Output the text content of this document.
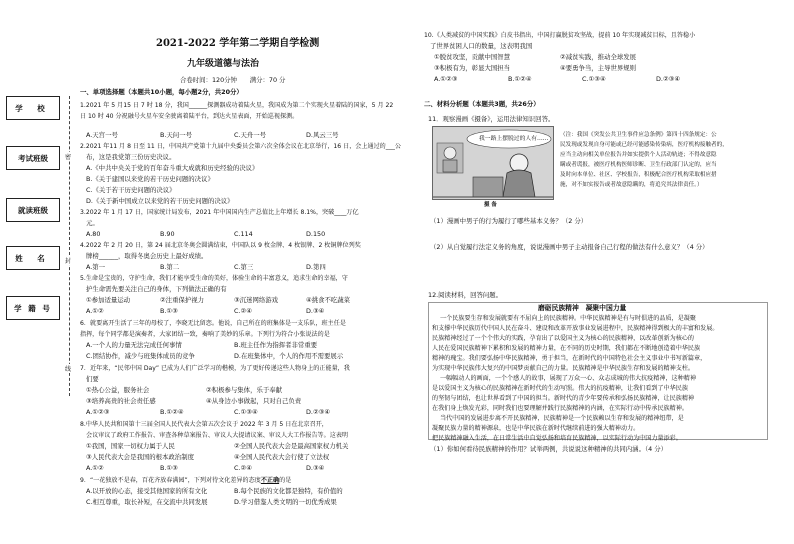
学 校
考试班级
就读班级
姓 名
学 籍 号
密
封
线
2021-2022 学年第二学期自学检测
九年级道德与法治
合卷时间：120分钟　　满分：70 分
一、单项选择题（本题共10小题，每小题2分，共20分）
1.2021 年 5 月15 日 7 时 18 分，我国______探测器成功着陆火星，我国成为第二个实现火星着陆的国家，5 月 22 日 10 时 40 分祝融号火星车安全驶离着陆平台，到达火星表面，开始巡视探测。
A.天宫一号	B.天问一号	C.天舟一号	D.风云三号
2.2021 年11 月 8 日至 11 日，中国共产党第十九届中央委员会第六次全体会议在北京举行，16 日，会上通过的___公
布，这是我党第三份历史决议。
A.《中共中央关于党的百年奋斗重大成就和历史经验的决议》
B.《关于建国以来党的若干历史问题的决议》
C.《关于若干历史问题的决议》
D.《关于新中国成立以来党的若干历史问题的决议》
3.2022 年 1 月 17 日，国家统计局发布，2021 年中国国内生产总值比上年增长 8.1%，突破____万亿
元。
A.80	B.90	C.114	D.150
4.2022 年 2 月 20 日，第 24 届北京冬奥会圆满结束，中国队以 9 枚金牌、4 枚银牌、2 枚铜牌位列奖
牌榜______，取得冬奥会历史上最好成绩。
A.第一	B.第二	C.第三	D.第四
5.生命是宝贵的，守护生命，我们才能享受生命的美好，体验生命的丰富意义，追求生命的幸福，守
护生命需先要关注自己的身体，下列做法正确的有
①参加适量运动	②注重保护视力	③沉迷网络游戏	④挑食不吃蔬菜
A.①②	B.①③	C.②④	D.③④
6．就要离开生活了三年的母校了，李晓无比留恋。他说，自己所在的班集体是一支乐队，班主任是
指挥，每个同学都是演奏者，大家团结一致，奏响了美妙的乐章。下列行为符合小张说法的是
A.一个人的力量无法完成任何事情	B.班主任作为指挥者非常重要
C.团结协作，减少与班集体成员的竞争	D.在班集体中，个人的作用不需要展示
7．近年来，“民邻中国 Day” 已成为人们广泛学习的楷模，为了更好传递这些人物身上的正能量，我
们要
①热心公益，服务社会	②积极参与集体，乐于奉献
③培养高贵的社会责任感	④从身边小事做起，只对自己负责
A.①②③	B.①②④	C.①③④	D.②③④
8.中华人民共和国第十三届全国人民代表大会第五次会议于 2022 年 3 月 5 日在北京召开，
会议审议了政府工作报告、审查各种草案报告、审议人大提请议案、审议人大工作报告等。这表明
①我国，国家一切权力属于人民	②全国人民代表大会是最高国家权力机关
③人民代表大会是我国的根本政治制度	④全国人民代表大会行使了立法权
A.①②	B.①③	C.②④	D.③④
9．“一花独放不是春，百花齐放春满园”，下列对待文化差异的态度不正确的是
A.以开放的心态，接受其他国家的所有文化	B.每个民族的文化都是独特，有价值的
C.相互尊重，取长补短，在交流中共同发展	D.学习借鉴人类文明的一切优秀成果
10.《人类减贫的中国实践》白皮书指出，中国打赢脱贫攻坚战，提前 10 年实现减贫目标，且答稳小
了世界贫困人口的数量，这表明我国
①脱贫攻坚，贡献中国智慧	②减贫实践，推动全球发展
③积极有为，彰显大国担当	④要勇争当，主导世界规则
A.①②③	B.①②④	C.①③④	D.②③④
二、材料分析题（本题共3题，共26分）
11．观察漫画《摄备》，运用法律知识回答。
我一路上摆脱过的人有……
摄 备
（注：我国《突发公共卫生事件应急条例》第四十四条规定：公
民发现或发现自身可能或已经可能感染传染病，医疗机构接触者的，
应当主动向相关单位报告并如实提供个人活动轨迹；不得故意隐
瞒或者谎报，被医疗机构医师诊断、卫生行政部门认定的，应当
及时向本单位、社区、学校报告，积极配合医疗机构采取相应措
施，对不如实报告或者故意隐瞒的，将追究其法律责任。）
（1）漫画中男子的行为履行了哪些基本义务？（2 分）
（2）从自觉履行法定义务的角度，说说漫画中男子主动报备自己行程的做法有什么意义？（4 分）
12.阅读材料，回答问题。
磨砺民族精神　凝聚中国力量
一个民族要生存和发展就要有不屈向上的民族精神。中华民族精神是有与时俱进的品质，是凝聚
和支撑中华民族历代中国人民在奋斗、建设和改革开放事业发展进程中，民族精神得到极大的丰富和发展。
民族精神经过了一个个伟大的实践，孕育出了以爱国主义为核心的民族精神，以改革创新为核心的
人民在爱国民族精神下累积和发展的精神力量，在不同的历史时期，我们都在不断地创造着中华民族
精神的瑰宝。我们要弘扬中华民族精神，勇于担当，在新时代的中国特色社会主义事业中书写新篇章，
为实现中华民族伟大复兴的中国梦贡献自己的力量。民族精神是中华民族生存和发展的精神支柱。
一幅幅动人的画面，一个个感人的故事，展现了万众一心、众志成城的伟大抗疫精神，这种精神
是以爱国主义为核心的民族精神在新时代的生动写照。伟大的抗疫精神，让我们看到了中华民族
的坚韧与团结，也让世界看到了中国的担当。新时代的青少年要传承和弘扬民族精神，让民族精神
在我们身上焕发光彩，同时我们也要理解并践行民族精神的内涵，在实际行动中传承民族精神。
当代中国的发展进步离不开民族精神，民族精神是一个民族赖以生存和发展的精神纽带，是
凝聚民族力量的精神源泉，也是中华民族在新时代继续前进的强大精神动力。
把民族精神融入生活，在日常生活中自觉弘扬和培育民族精神，以实际行动为中国力量添彩。
（1）你如何看待民族精神的作用？试举两例，共说说这种精神的共同内涵。（4 分）
